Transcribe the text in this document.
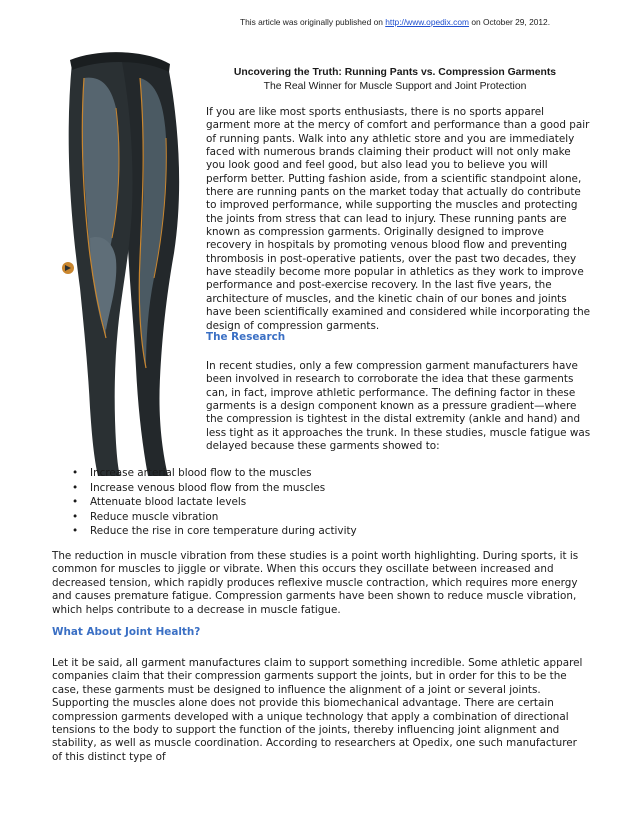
This article was originally published on http://www.opedix.com on October 29, 2012.
Uncovering the Truth: Running Pants vs. Compression Garments
The Real Winner for Muscle Support and Joint Protection

If you are like most sports enthusiasts, there is no sports apparel garment more at the mercy of comfort and performance than a good pair of running pants. Walk into any athletic store and you are immediately faced with numerous brands claiming their product will not only make you look good and feel good, but also lead you to believe you will perform better. Putting fashion aside, from a scientific standpoint alone, there are running pants on the market today that actually do contribute to improved performance, while supporting the muscles and protecting the joints from stress that can lead to injury. These running pants are known as compression garments. Originally designed to improve recovery in hospitals by promoting venous blood flow and preventing thrombosis in post-operative patients, over the past two decades, they have steadily become more popular in athletics as they work to improve performance and post-exercise recovery. In the last five years, the architecture of muscles, and the kinetic chain of our bones and joints have been scientifically examined and considered while incorporating the design of compression garments.

The Research

In recent studies, only a few compression garment manufacturers have been involved in research to corroborate the idea that these garments can, in fact, improve athletic performance. The defining factor in these garments is a design component known as a pressure gradient—where the compression is tightest in the distal extremity (ankle and hand) and less tight as it approaches the trunk. In these studies, muscle fatigue was delayed because these garments showed to:

• Increase arterial blood flow to the muscles
• Increase venous blood flow from the muscles
• Attenuate blood lactate levels
• Reduce muscle vibration
• Reduce the rise in core temperature during activity

The reduction in muscle vibration from these studies is a point worth highlighting. During sports, it is common for muscles to jiggle or vibrate. When this occurs they oscillate between increased and decreased tension, which rapidly produces reflexive muscle contraction, which requires more energy and causes premature fatigue. Compression garments have been shown to reduce muscle vibration, which helps contribute to a decrease in muscle fatigue.

What About Joint Health?

Let it be said, all garment manufactures claim to support something incredible. Some athletic apparel companies claim that their compression garments support the joints, but in order for this to be the case, these garments must be designed to influence the alignment of a joint or several joints. Supporting the muscles alone does not provide this biomechanical advantage. There are certain compression garments developed with a unique technology that apply a combination of directional tensions to the body to support the function of the joints, thereby influencing joint alignment and stability, as well as muscle coordination. According to researchers at Opedix, one such manufacturer of this distinct type of
